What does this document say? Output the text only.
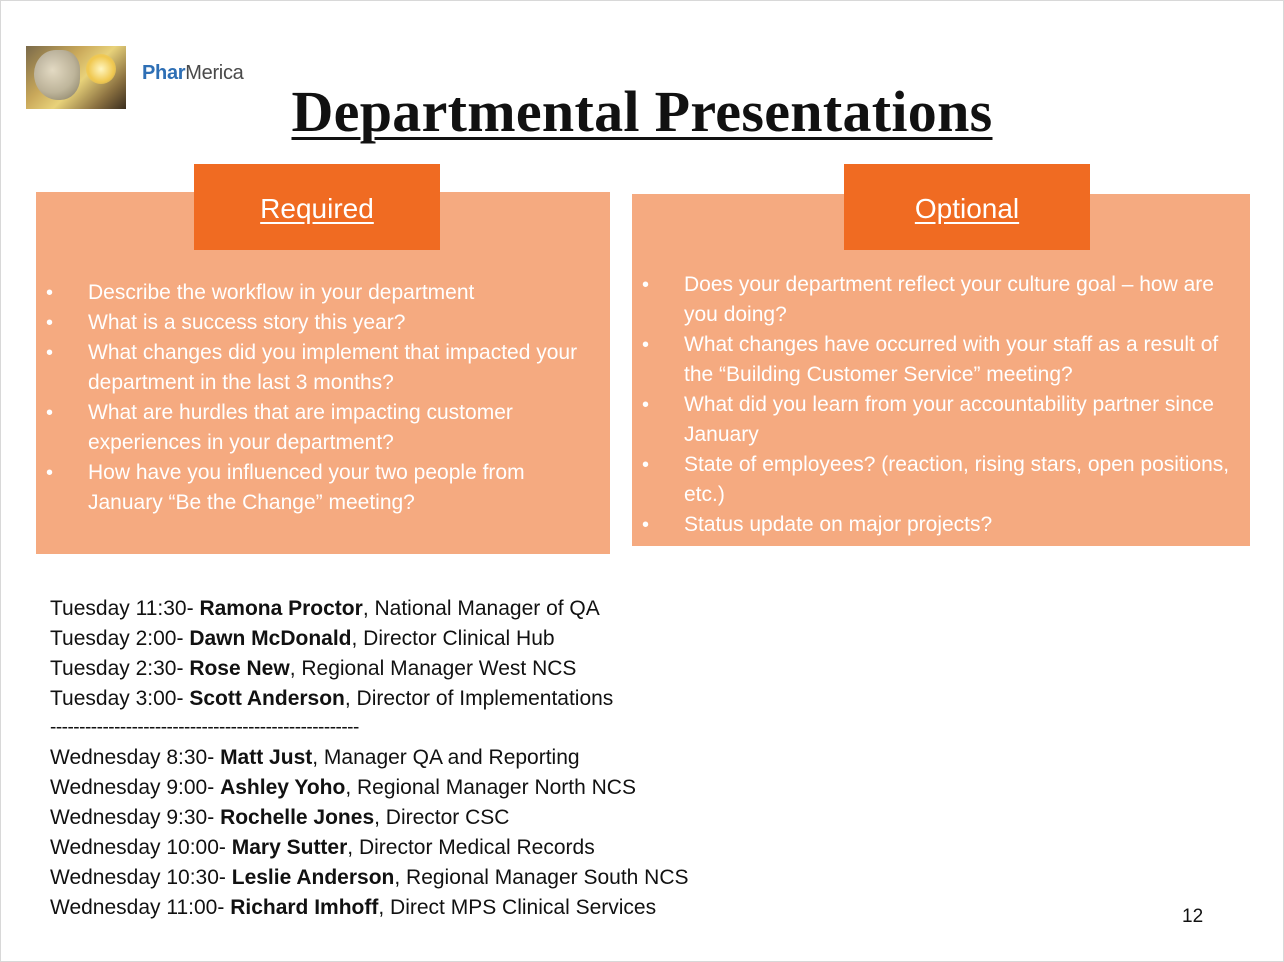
PharMerica
Departmental Presentations
Required
• Describe the workflow in your department
• What is a success story this year?
• What changes did you implement that impacted your department in the last 3 months?
• What are hurdles that are impacting customer experiences in your department?
• How have you influenced your two people from January “Be the Change” meeting?
Optional
• Does your department reflect your culture goal – how are you doing?
• What changes have occurred with your staff as a result of the “Building Customer Service” meeting?
• What did you learn from your accountability partner since January
• State of employees? (reaction, rising stars, open positions, etc.)
• Status update on major projects?
Tuesday 11:30- Ramona Proctor, National Manager of QA
Tuesday 2:00- Dawn McDonald, Director Clinical Hub
Tuesday 2:30- Rose New, Regional Manager West NCS
Tuesday 3:00- Scott Anderson, Director of Implementations
-----------------------------------------------------
Wednesday 8:30- Matt Just, Manager QA and Reporting
Wednesday 9:00- Ashley Yoho, Regional Manager North NCS
Wednesday 9:30- Rochelle Jones, Director CSC
Wednesday 10:00- Mary Sutter, Director Medical Records
Wednesday 10:30- Leslie Anderson, Regional Manager South NCS
Wednesday 11:00- Richard Imhoff, Direct MPS Clinical Services	12
